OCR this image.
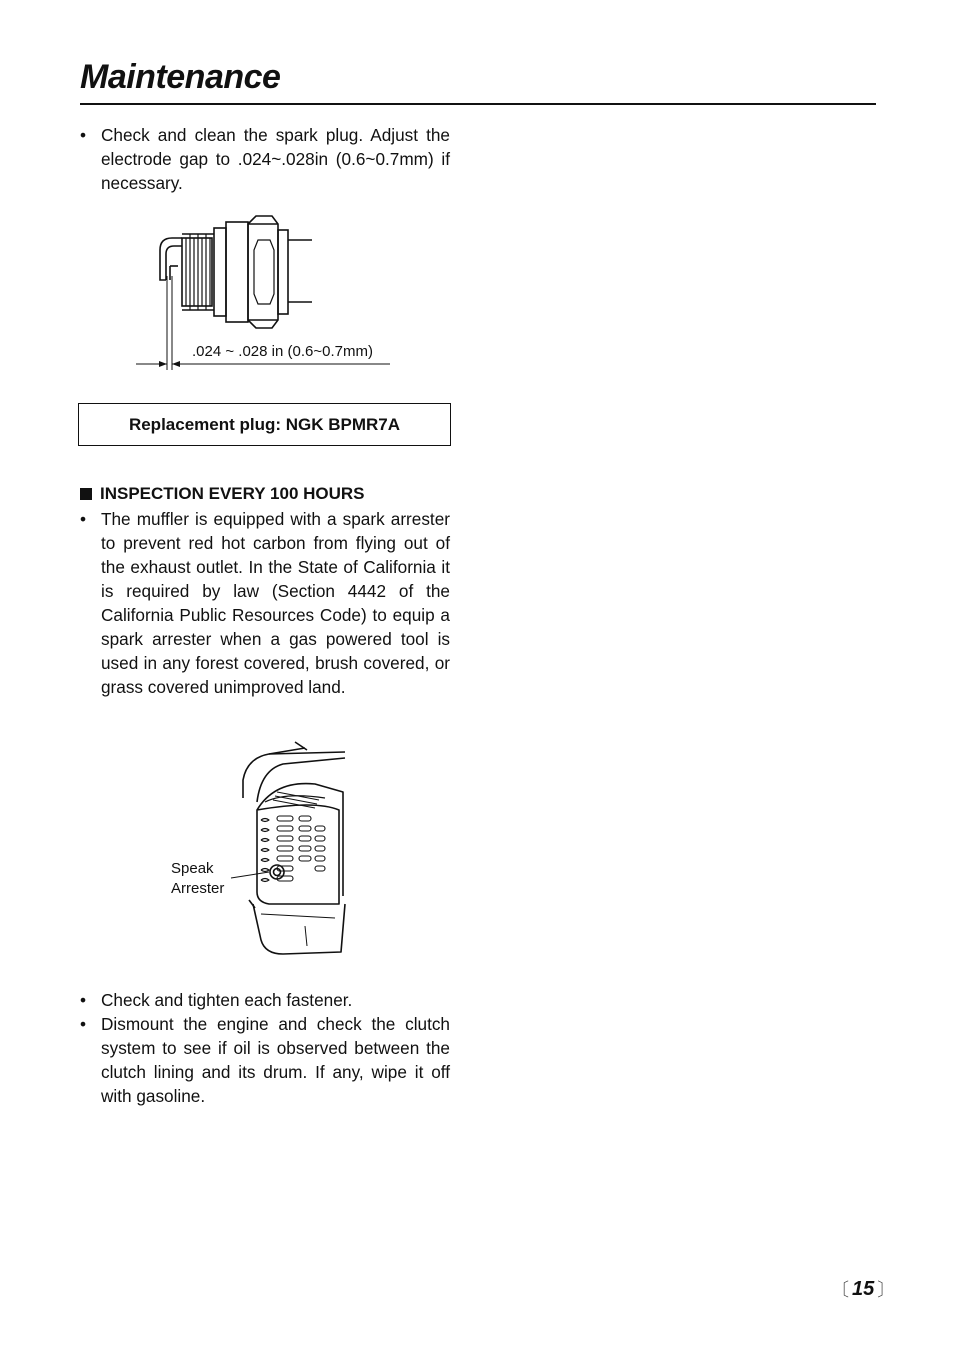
Maintenance
• Check and clean the spark plug. Adjust the electrode gap to .024~.028in (0.6~0.7mm) if necessary.
.024 ~ .028 in (0.6~0.7mm)
Replacement plug: NGK BPMR7A
INSPECTION EVERY 100 HOURS
• The muffler is equipped with a spark arrester to prevent red hot carbon from flying out of the exhaust outlet. In the State of California it is required by law (Section 4442 of the California Public Resources Code) to equip a spark arrester when a gas powered tool is used in any forest covered, brush covered, or grass covered unimproved land.
Speak
Arrester
• Check and tighten each fastener.
• Dismount the engine and check the clutch system to see if oil is observed between the clutch lining and its drum. If any, wipe it off with gasoline.
〔 15 〕
